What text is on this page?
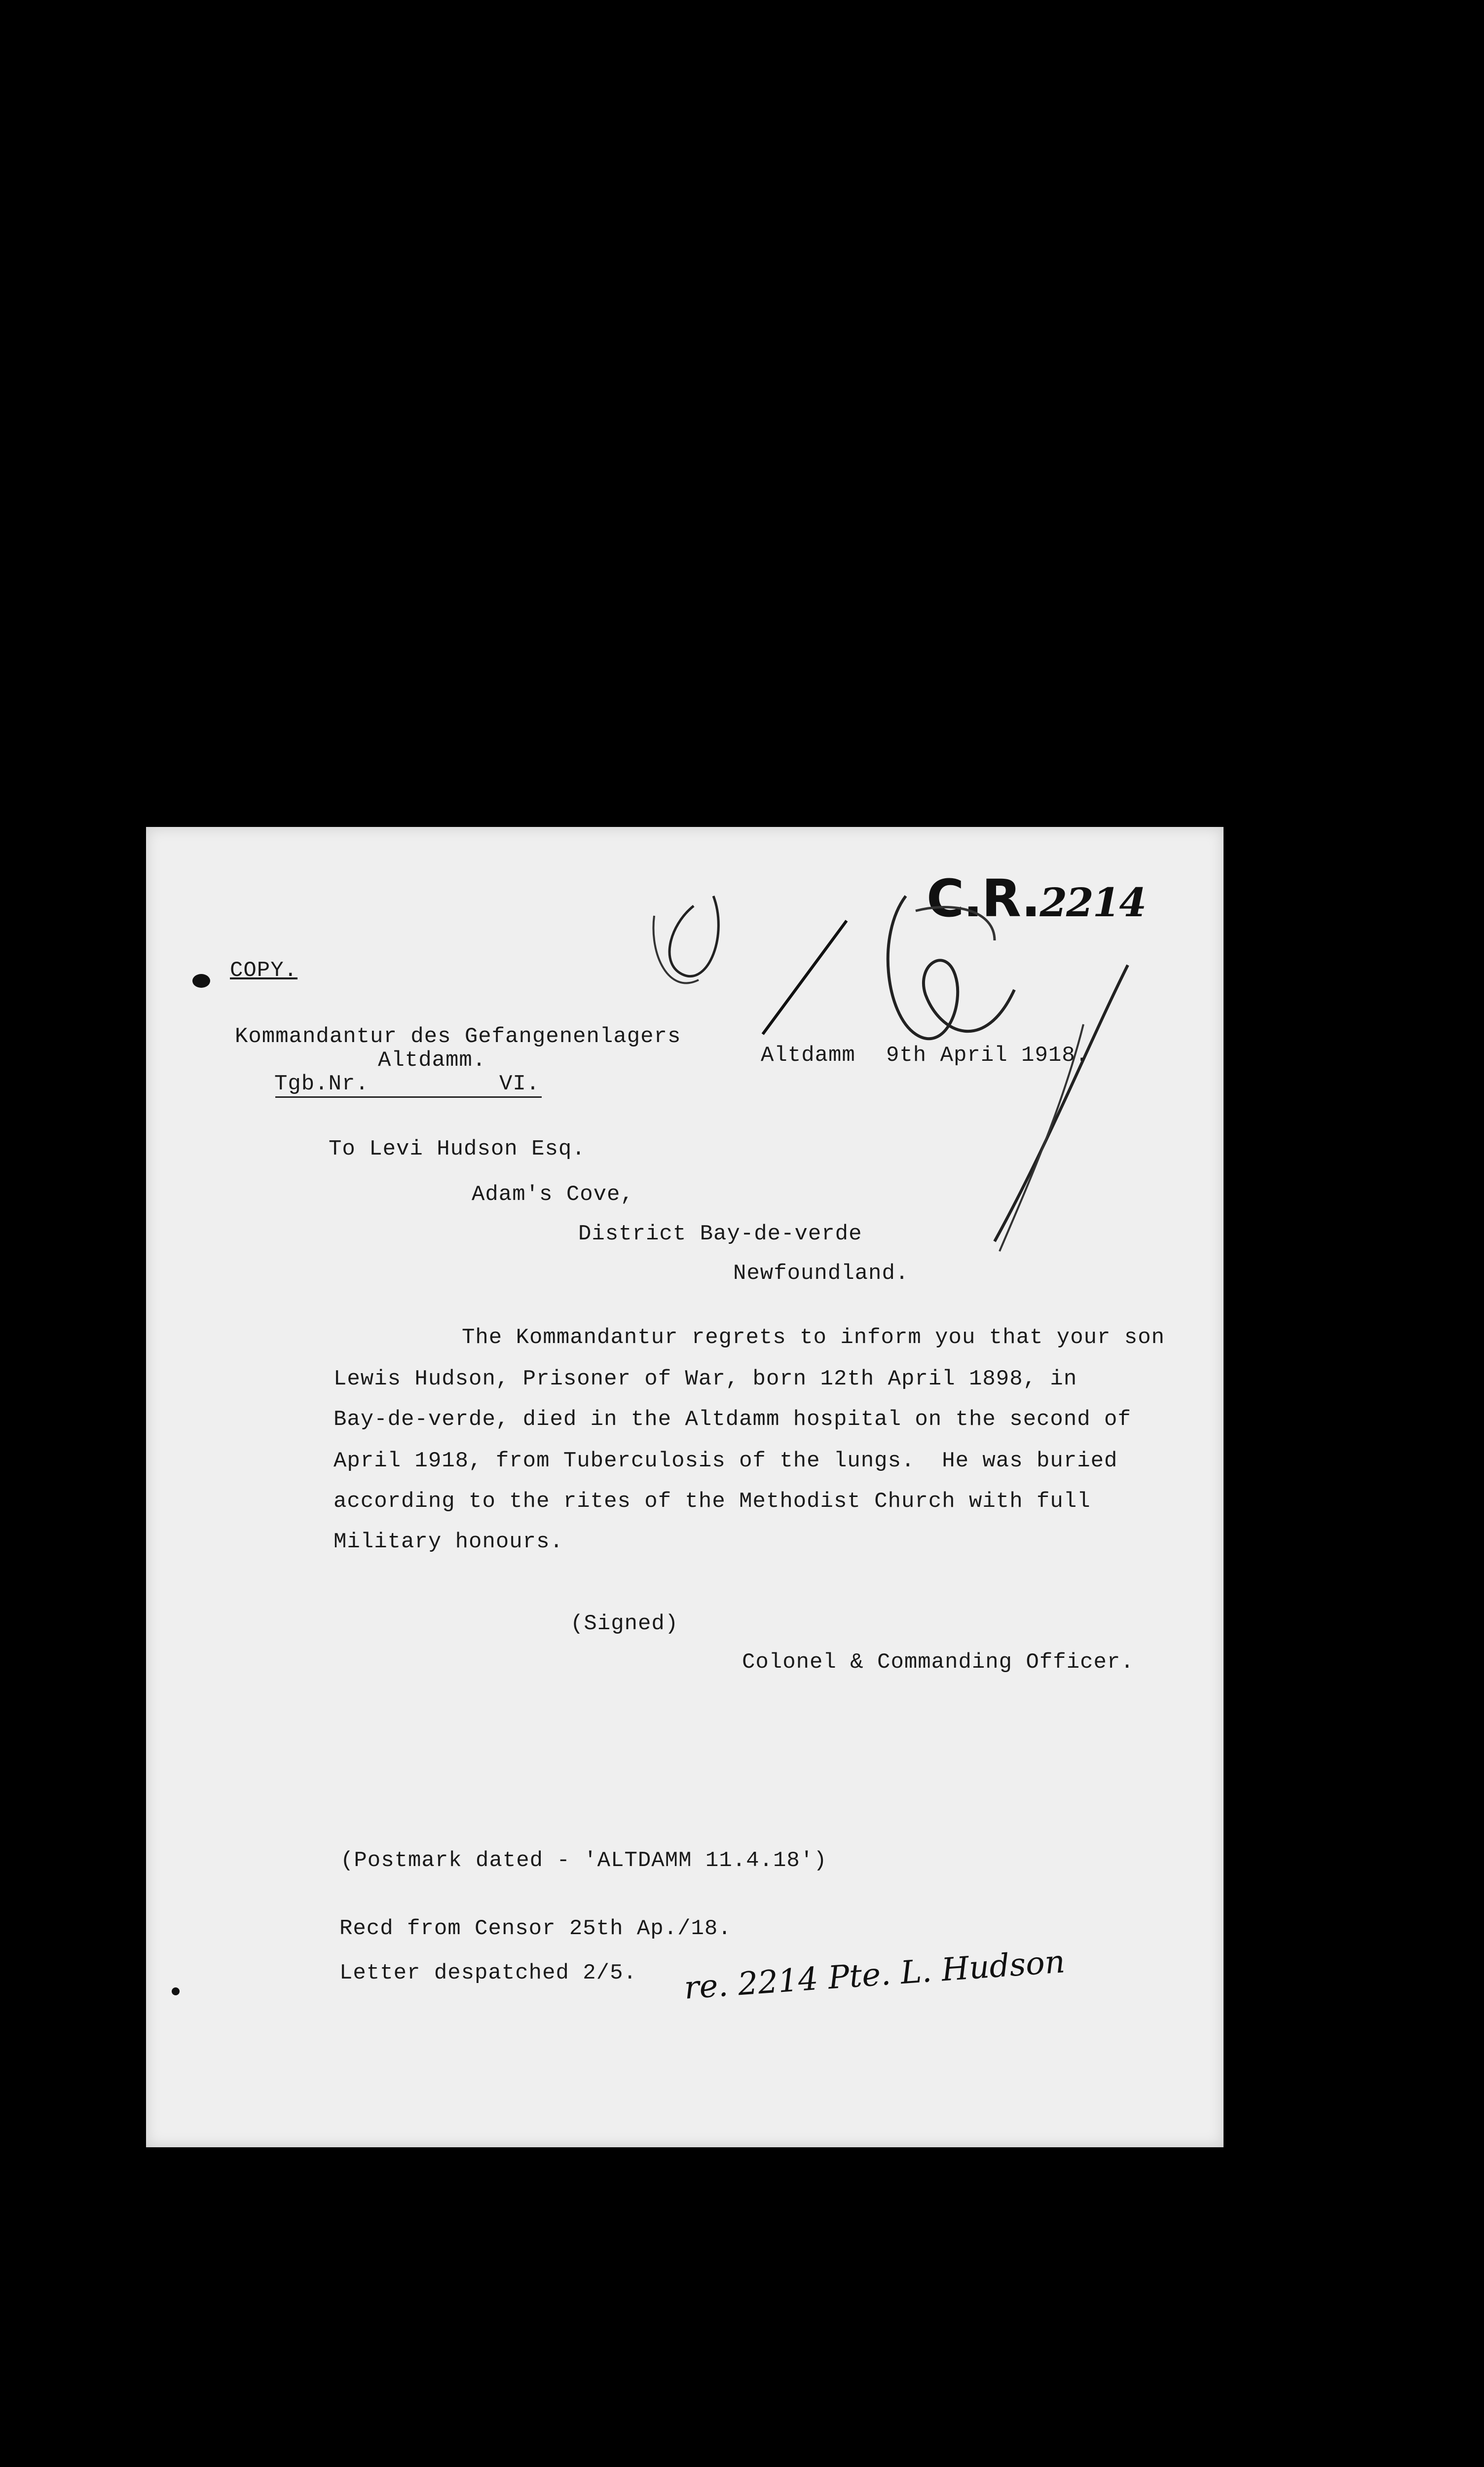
C.R.2214
COPY.
Kommandantur des Gefangenenlagers
Altdamm.
Tgb.Nr.	VI.
Altdamm 9th April 1918.
To Levi Hudson Esq.
Adam's Cove,
District Bay-de-verde
Newfoundland.
The Kommandantur regrets to inform you that your son
Lewis Hudson, Prisoner of War, born 12th April 1898, in
Bay-de-verde, died in the Altdamm hospital on the second of
April 1918, from Tuberculosis of the lungs.  He was buried
according to the rites of the Methodist Church with full
Military honours.
(Signed)
Colonel & Commanding Officer.
(Postmark dated - 'ALTDAMM 11.4.18')
Recd from Censor 25th Ap./18.
Letter despatched 2/5. re. 2214 Pte. L. Hudson
